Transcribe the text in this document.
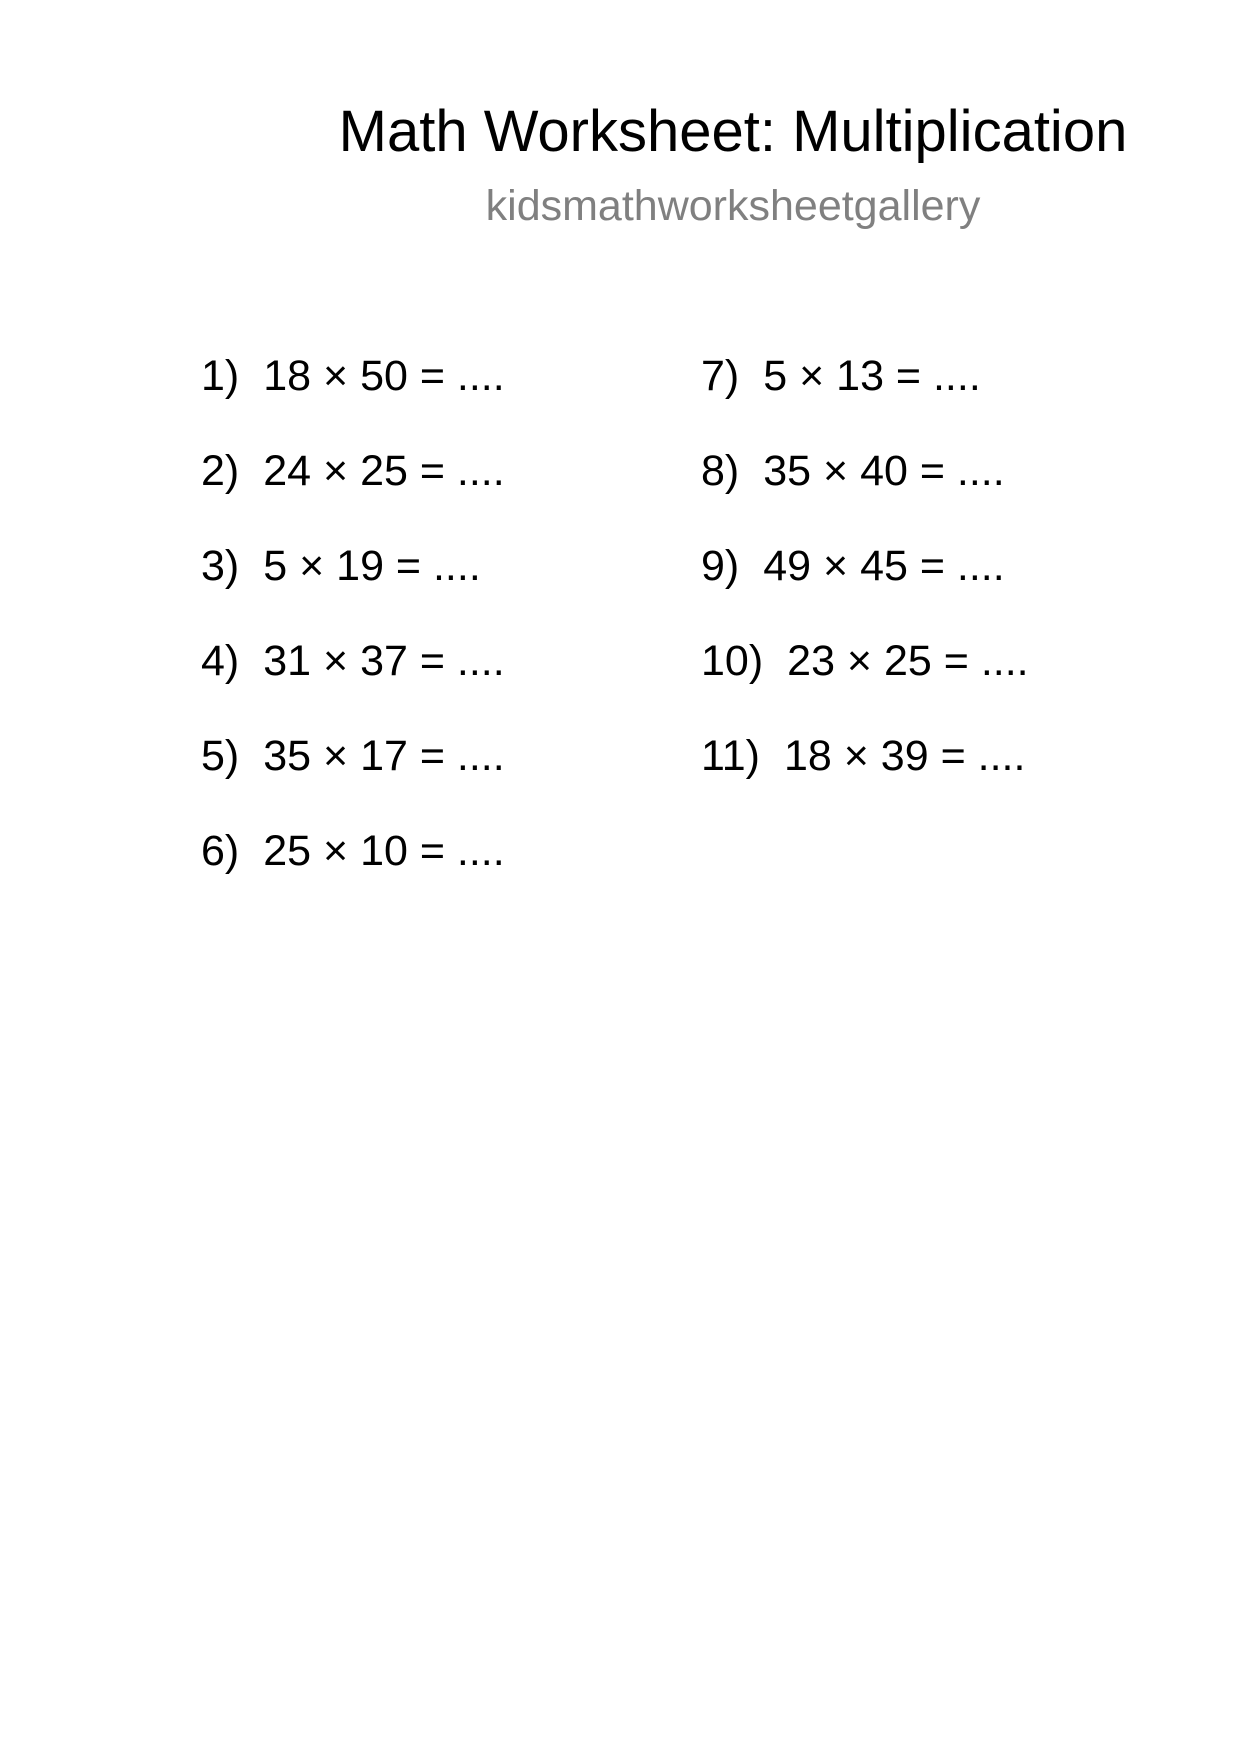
Math Worksheet: Multiplication
kidsmathworksheetgallery
1) 18 × 50 = ....
2) 24 × 25 = ....
3) 5 × 19 = ....
4) 31 × 37 = ....
5) 35 × 17 = ....
6) 25 × 10 = ....
7) 5 × 13 = ....
8) 35 × 40 = ....
9) 49 × 45 = ....
10) 23 × 25 = ....
11) 18 × 39 = ....
